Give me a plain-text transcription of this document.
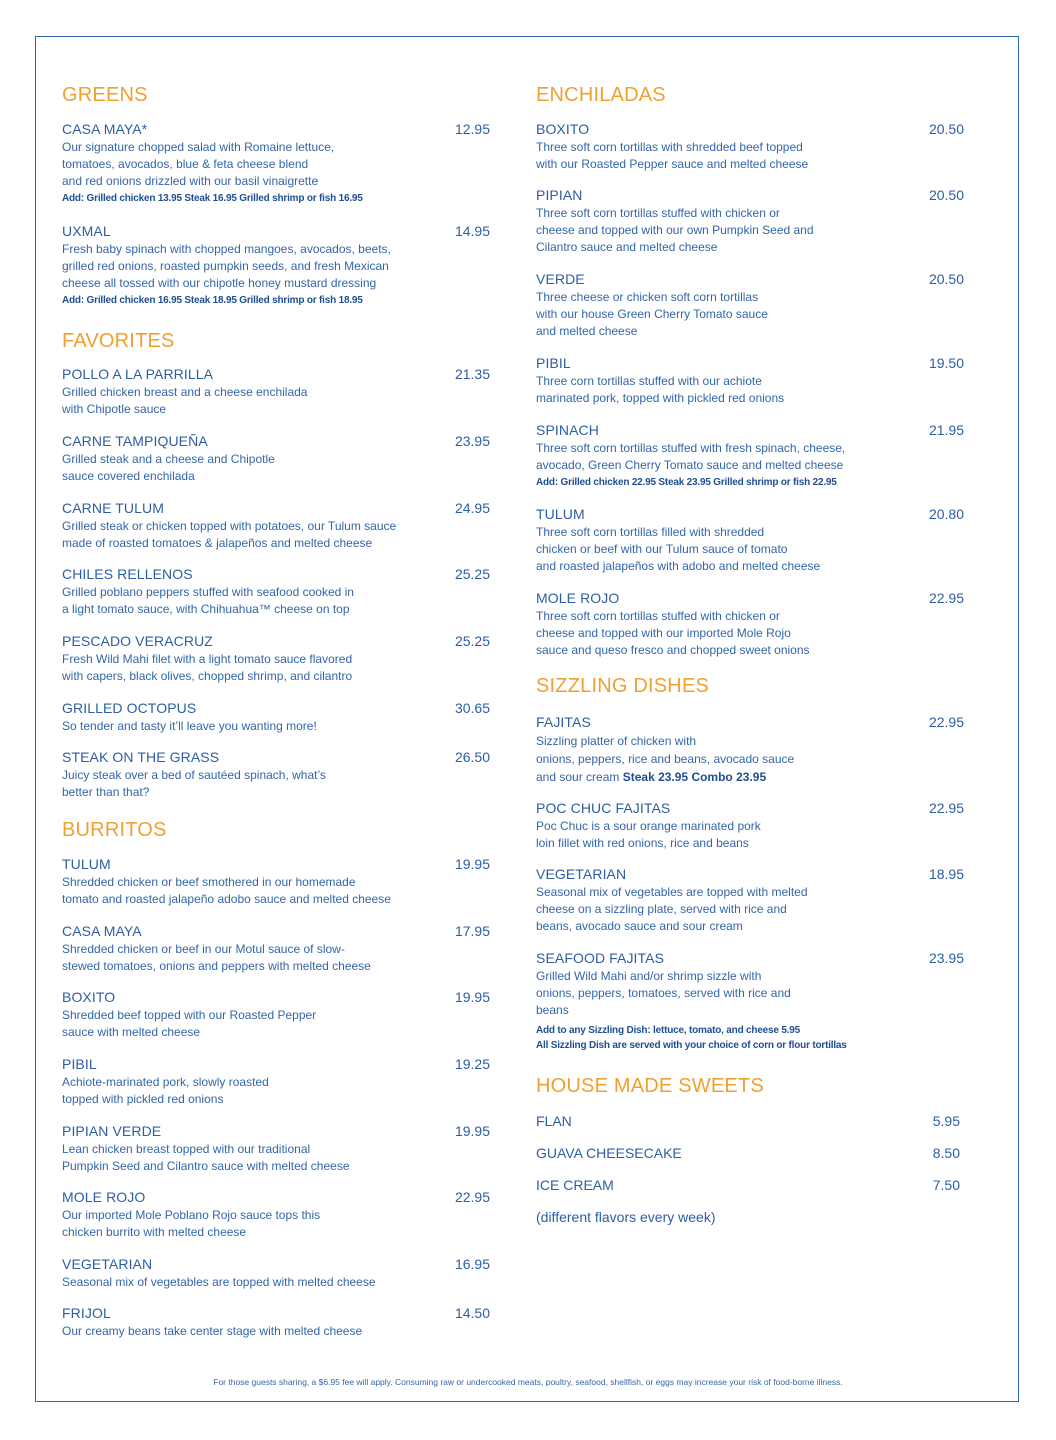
GREENS
CASA MAYA*	12.95
Our signature chopped salad with Romaine lettuce,
tomatoes, avocados, blue & feta cheese blend
and red onions drizzled with our basil vinaigrette
Add: Grilled chicken 13.95 Steak 16.95 Grilled shrimp or fish 16.95
UXMAL	14.95
Fresh baby spinach with chopped mangoes, avocados, beets,
grilled red onions, roasted pumpkin seeds, and fresh Mexican
cheese all tossed with our chipotle honey mustard dressing
Add: Grilled chicken 16.95 Steak 18.95 Grilled shrimp or fish 18.95
FAVORITES
POLLO A LA PARRILLA	21.35
Grilled chicken breast and a cheese enchilada
with Chipotle sauce
CARNE TAMPIQUEÑA	23.95
Grilled steak and a cheese and Chipotle
sauce covered enchilada
CARNE TULUM	24.95
Grilled steak or chicken topped with potatoes, our Tulum sauce
made of roasted tomatoes & jalapeños and melted cheese
CHILES RELLENOS	25.25
Grilled poblano peppers stuffed with seafood cooked in
a light tomato sauce, with Chihuahua™ cheese on top
PESCADO VERACRUZ	25.25
Fresh Wild Mahi filet with a light tomato sauce flavored
with capers, black olives, chopped shrimp, and cilantro
GRILLED OCTOPUS	30.65
So tender and tasty it’ll leave you wanting more!
STEAK ON THE GRASS	26.50
Juicy steak over a bed of sautéed spinach, what’s
better than that?
BURRITOS
TULUM	19.95
Shredded chicken or beef smothered in our homemade
tomato and roasted jalapeño adobo sauce and melted cheese
CASA MAYA	17.95
Shredded chicken or beef in our Motul sauce of slow-
stewed tomatoes, onions and peppers with melted cheese
BOXITO	19.95
Shredded beef topped with our Roasted Pepper
sauce with melted cheese
PIBIL	19.25
Achiote-marinated pork, slowly roasted
topped with pickled red onions
PIPIAN VERDE	19.95
Lean chicken breast topped with our traditional
Pumpkin Seed and Cilantro sauce with melted cheese
MOLE ROJO	22.95
Our imported Mole Poblano Rojo sauce tops this
chicken burrito with melted cheese
VEGETARIAN	16.95
Seasonal mix of vegetables are topped with melted cheese
FRIJOL	14.50
Our creamy beans take center stage with melted cheese
ENCHILADAS
BOXITO	20.50
Three soft corn tortillas with shredded beef topped
with our Roasted Pepper sauce and melted cheese
PIPIAN	20.50
Three soft corn tortillas stuffed with chicken or
cheese and topped with our own Pumpkin Seed and
Cilantro sauce and melted cheese
VERDE	20.50
Three cheese or chicken soft corn tortillas
with our house Green Cherry Tomato sauce
and melted cheese
PIBIL	19.50
Three corn tortillas stuffed with our achiote
marinated pork, topped with pickled red onions
SPINACH	21.95
Three soft corn tortillas stuffed with fresh spinach, cheese,
avocado, Green Cherry Tomato sauce and melted cheese
Add: Grilled chicken 22.95 Steak 23.95 Grilled shrimp or fish 22.95
TULUM	20.80
Three soft corn tortillas filled with shredded
chicken or beef with our Tulum sauce of tomato
and roasted jalapeños with adobo and melted cheese
MOLE ROJO	22.95
Three soft corn tortillas stuffed with chicken or
cheese and topped with our imported Mole Rojo
sauce and queso fresco and chopped sweet onions
SIZZLING DISHES
FAJITAS	22.95
Sizzling platter of chicken with
onions, peppers, rice and beans, avocado sauce
and sour cream Steak 23.95 Combo 23.95
POC CHUC FAJITAS	22.95
Poc Chuc is a sour orange marinated pork
loin fillet with red onions, rice and beans
VEGETARIAN	18.95
Seasonal mix of vegetables are topped with melted
cheese on a sizzling plate, served with rice and
beans, avocado sauce and sour cream
SEAFOOD FAJITAS	23.95
Grilled Wild Mahi and/or shrimp sizzle with
onions, peppers, tomatoes, served with rice and
beans
Add to any Sizzling Dish: lettuce, tomato, and cheese 5.95
All Sizzling Dish are served with your choice of corn or flour tortillas
HOUSE MADE SWEETS
FLAN	5.95
GUAVA CHEESECAKE	8.50
ICE CREAM	7.50
(different flavors every week)
For those guests sharing, a $6.95 fee will apply. Consuming raw or undercooked meats, poultry, seafood, shellfish, or eggs may increase your risk of food-borne illness.
